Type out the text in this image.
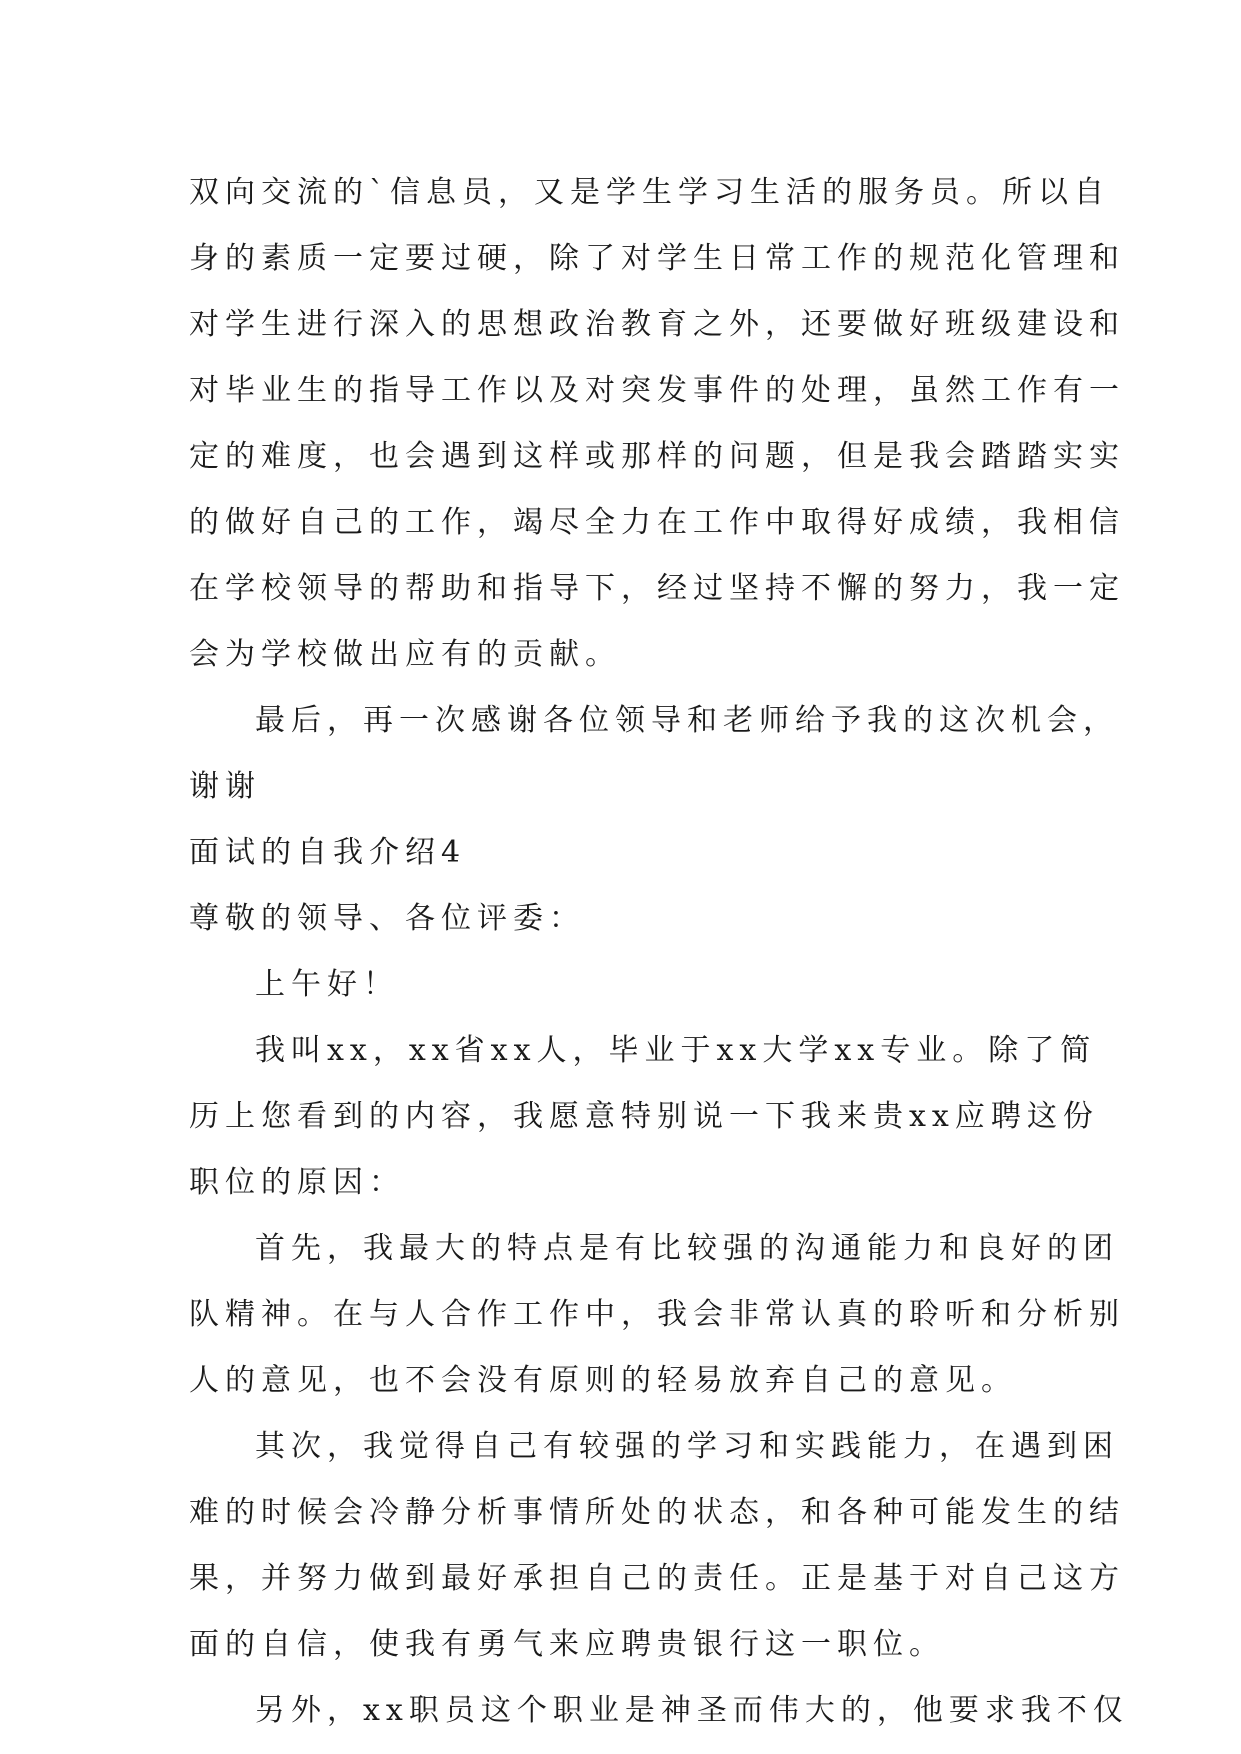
双向交流的`信息员，又是学生学习生活的服务员。所以自
身的素质一定要过硬，除了对学生日常工作的规范化管理和
对学生进行深入的思想政治教育之外，还要做好班级建设和
对毕业生的指导工作以及对突发事件的处理，虽然工作有一
定的难度，也会遇到这样或那样的问题，但是我会踏踏实实
的做好自己的工作，竭尽全力在工作中取得好成绩，我相信
在学校领导的帮助和指导下，经过坚持不懈的努力，我一定
会为学校做出应有的贡献。
最后，再一次感谢各位领导和老师给予我的这次机会，
谢谢
面试的自我介绍4
尊敬的领导、各位评委：
上午好！
我叫xx，xx省xx人，毕业于xx大学xx专业。除了简
历上您看到的内容，我愿意特别说一下我来贵xx应聘这份
职位的原因：
首先，我最大的特点是有比较强的沟通能力和良好的团
队精神。在与人合作工作中，我会非常认真的聆听和分析别
人的意见，也不会没有原则的轻易放弃自己的意见。
其次，我觉得自己有较强的学习和实践能力，在遇到困
难的时候会冷静分析事情所处的状态，和各种可能发生的结
果，并努力做到最好承担自己的责任。正是基于对自己这方
面的自信，使我有勇气来应聘贵银行这一职位。
另外，xx职员这个职业是神圣而伟大的，他要求我不仅
